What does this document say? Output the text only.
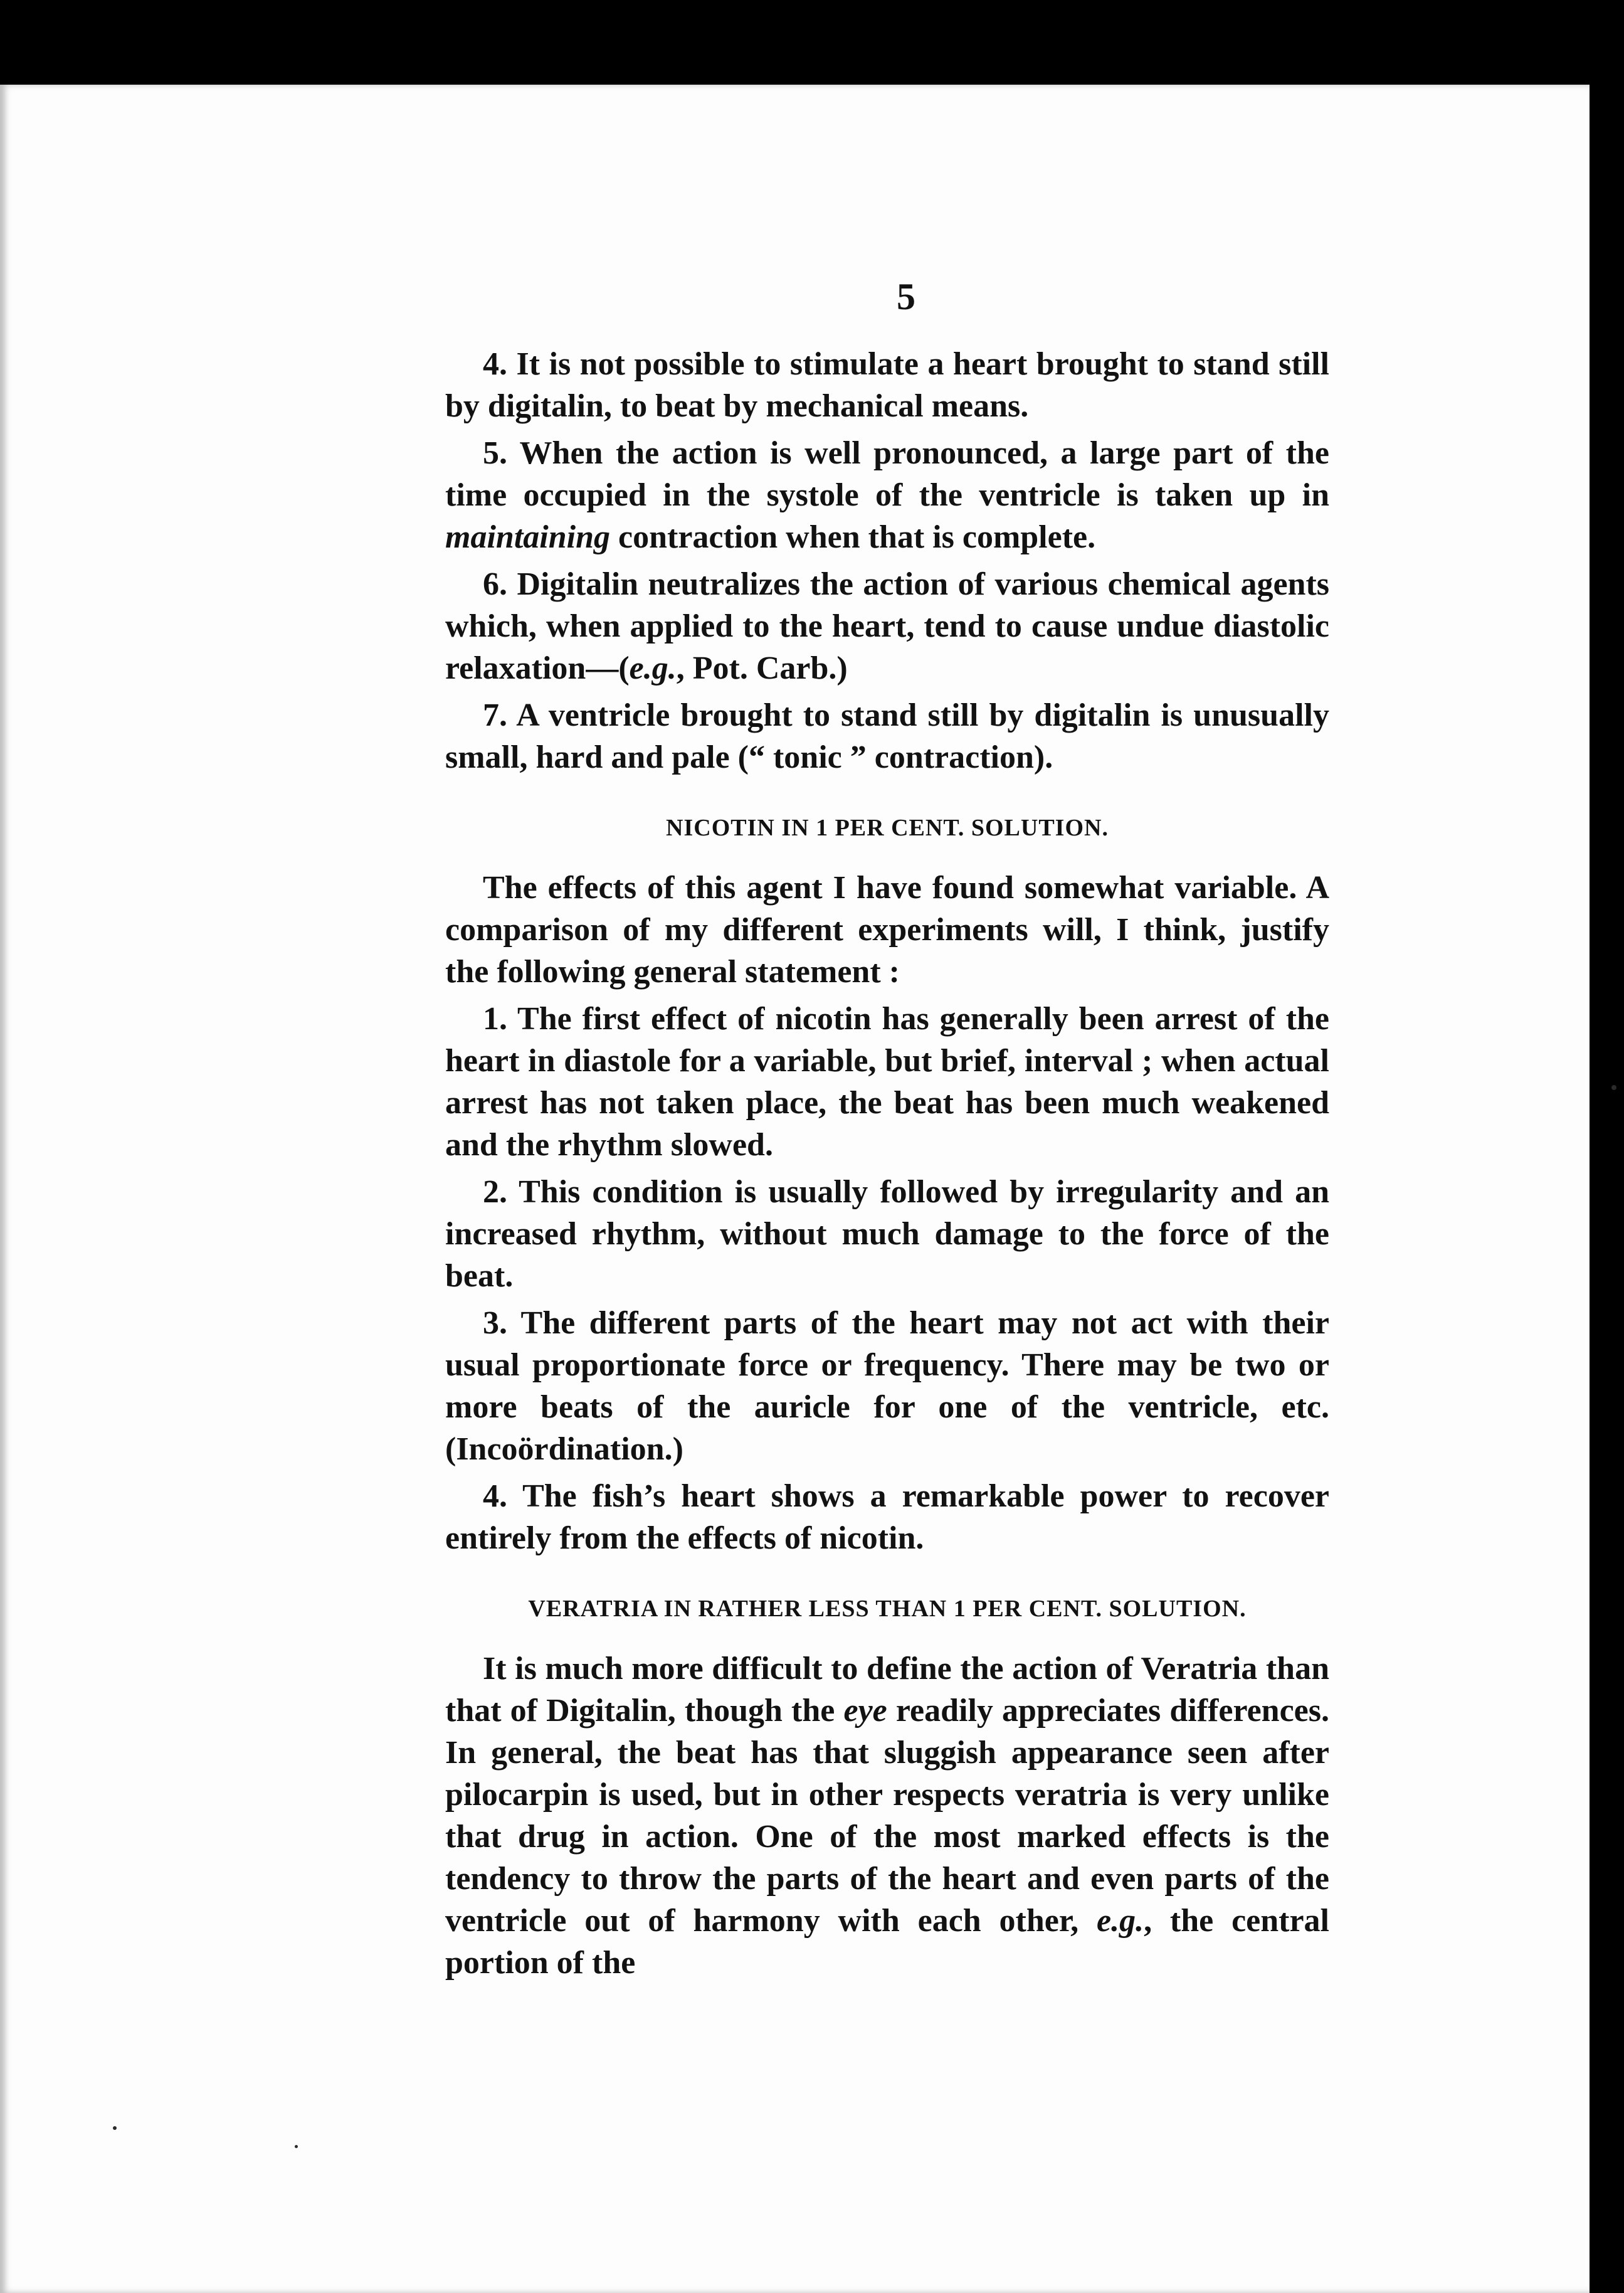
5

4. It is not possible to stimulate a heart brought to stand still by digitalin, to beat by mechanical means.

5. When the action is well pronounced, a large part of the time occupied in the systole of the ventricle is taken up in maintaining contraction when that is complete.

6. Digitalin neutralizes the action of various chemical agents which, when applied to the heart, tend to cause undue diastolic relaxation—(e.g., Pot. Carb.)

7. A ventricle brought to stand still by digitalin is unusually small, hard and pale (“ tonic ” contraction).

NICOTIN IN 1 PER CENT. SOLUTION.

The effects of this agent I have found somewhat variable. A comparison of my different experiments will, I think, justify the following general statement :

1. The first effect of nicotin has generally been arrest of the heart in diastole for a variable, but brief, interval ; when actual arrest has not taken place, the beat has been much weakened and the rhythm slowed.

2. This condition is usually followed by irregularity and an increased rhythm, without much damage to the force of the beat.

3. The different parts of the heart may not act with their usual proportionate force or frequency. There may be two or more beats of the auricle for one of the ventricle, etc. (Incoördination.)

4. The fish’s heart shows a remarkable power to recover entirely from the effects of nicotin.

VERATRIA IN RATHER LESS THAN 1 PER CENT. SOLUTION.

It is much more difficult to define the action of Veratria than that of Digitalin, though the eye readily appreciates differences. In general, the beat has that sluggish appearance seen after pilocarpin is used, but in other respects veratria is very unlike that drug in action. One of the most marked effects is the tendency to throw the parts of the heart and even parts of the ventricle out of harmony with each other, e.g., the central portion of the
